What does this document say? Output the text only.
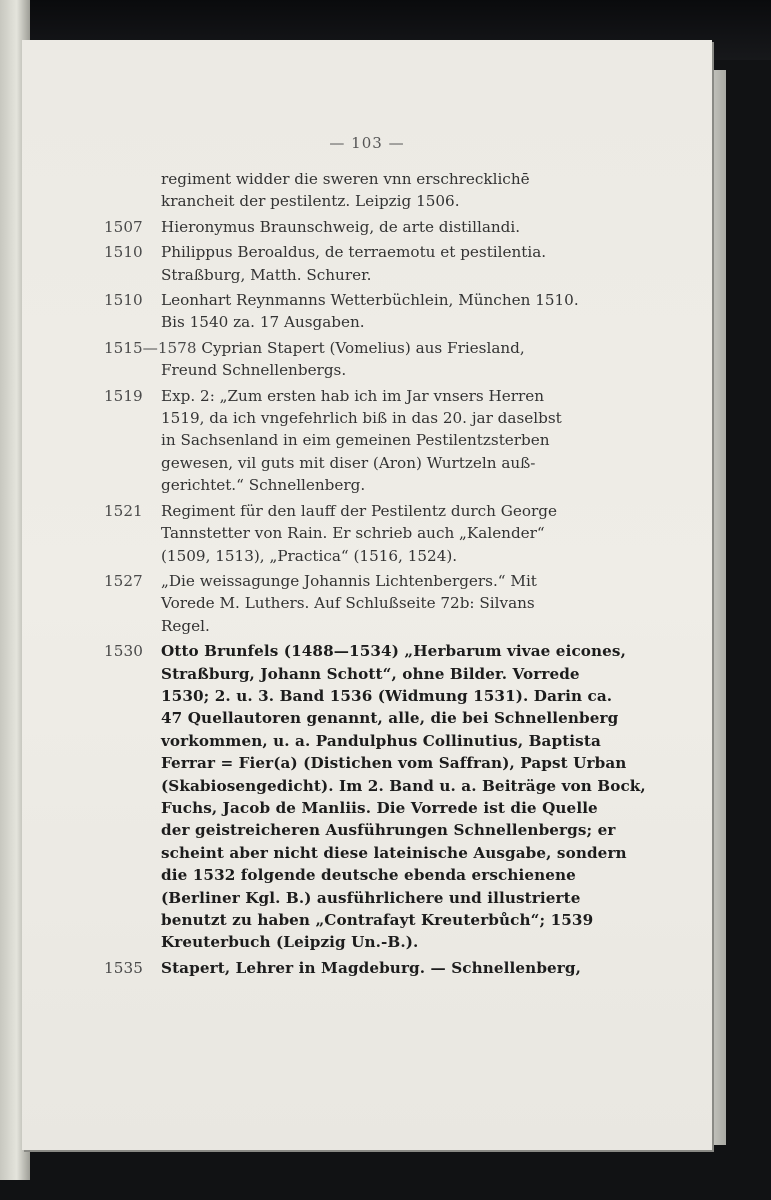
— 103 —
regiment widder die sweren vnn erschrecklichē
krancheit der pestilentz. Leipzig 1506.
1507	Hieronymus Braunschweig, de arte distillandi.
1510	Philippus Beroaldus, de terraemotu et pestilentia.
Straßburg, Matth. Schurer.
1510	Leonhart Reynmanns Wetterbüchlein, München 1510.
Bis 1540 za. 17 Ausgaben.
1515—1578 Cyprian Stapert (Vomelius) aus Friesland,
Freund Schnellenbergs.
1519	Exp. 2: „Zum ersten hab ich im Jar vnsers Herren
1519, da ich vngefehrlich biß in das 20. jar daselbst
in Sachsenland in eim gemeinen Pestilentzsterben
gewesen, vil guts mit diser (Aron) Wurtzeln auß-
gerichtet.“ Schnellenberg.
1521	Regiment für den lauff der Pestilentz durch George
Tannstetter von Rain. Er schrieb auch „Kalender“
(1509, 1513), „Practica“ (1516, 1524).
1527	„Die weissagunge Johannis Lichtenbergers.“ Mit
Vorede M. Luthers. Auf Schlußseite 72b: Silvans
Regel.
1530	Otto Brunfels (1488—1534) „Herbarum vivae eicones,
Straßburg, Johann Schott“, ohne Bilder. Vorrede
1530; 2. u. 3. Band 1536 (Widmung 1531). Darin ca.
47 Quellautoren genannt, alle, die bei Schnellenberg
vorkommen, u. a. Pandulphus Collinutius, Baptista
Ferrar = Fier(a) (Distichen vom Saffran), Papst Urban
(Skabiosengedicht). Im 2. Band u. a. Beiträge von Bock,
Fuchs, Jacob de Manliis. Die Vorrede ist die Quelle
der geistreicheren Ausführungen Schnellenbergs; er
scheint aber nicht diese lateinische Ausgabe, sondern
die 1532 folgende deutsche ebenda erschienene
(Berliner Kgl. B.) ausführlichere und illustrierte
benutzt zu haben „Contrafayt Kreuterbůch“; 1539
Kreuterbuch (Leipzig Un.-B.).
1535	Stapert, Lehrer in Magdeburg. — Schnellenberg,
